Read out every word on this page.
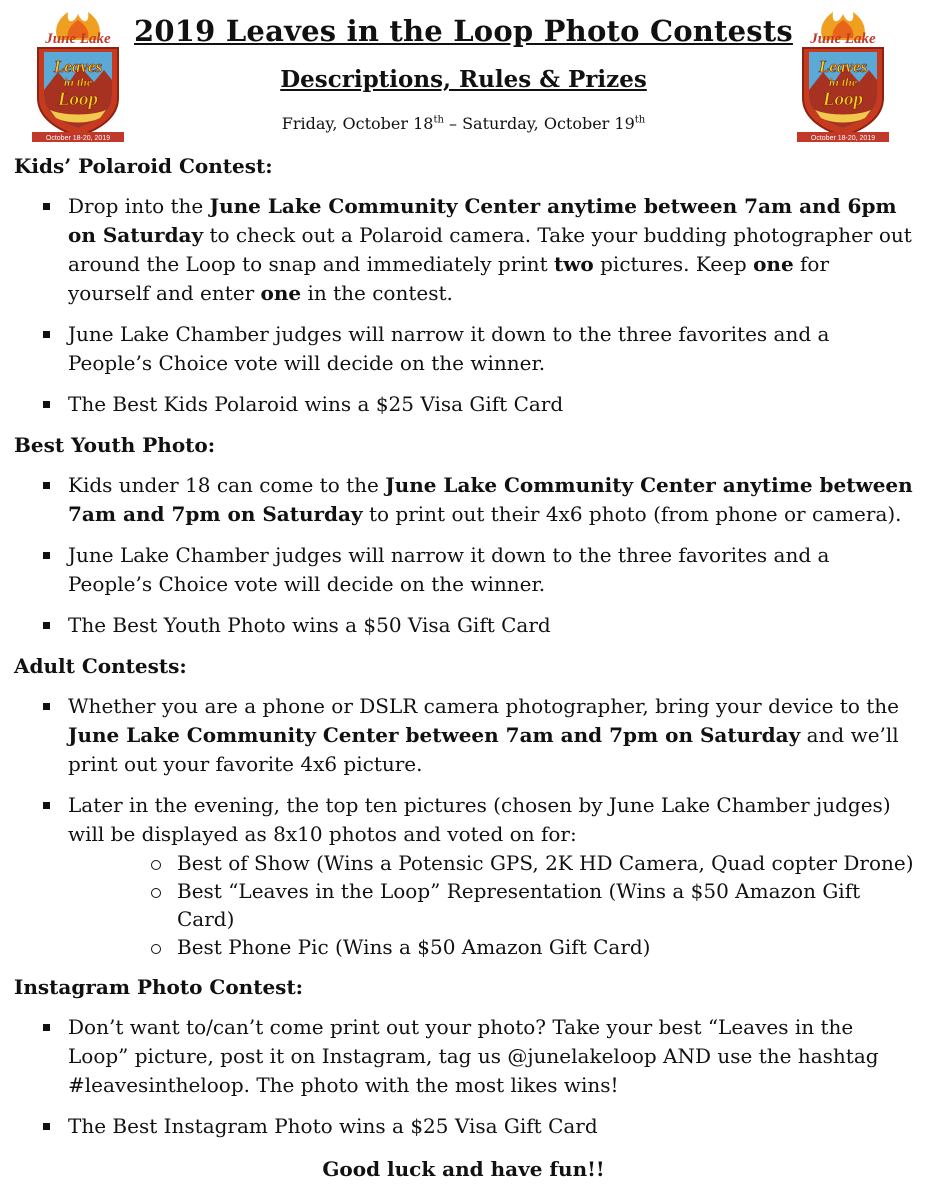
June Lake
Leaves
in the
Loop
October 18-20, 2019
June Lake
Leaves
in the
Loop
October 18-20, 2019
2019 Leaves in the Loop Photo Contests
Descriptions, Rules & Prizes
Friday, October 18th – Saturday, October 19th

Kids’ Polaroid Contest:

Drop into the June Lake Community Center anytime between 7am and 6pm on Saturday to check out a Polaroid camera. Take your budding photographer out around the Loop to snap and immediately print two pictures. Keep one for yourself and enter one in the contest.
June Lake Chamber judges will narrow it down to the three favorites and a People’s Choice vote will decide on the winner.
The Best Kids Polaroid wins a $25 Visa Gift Card

Best Youth Photo:

Kids under 18 can come to the June Lake Community Center anytime between 7am and 7pm on Saturday to print out their 4x6 photo (from phone or camera).
June Lake Chamber judges will narrow it down to the three favorites and a People’s Choice vote will decide on the winner.
The Best Youth Photo wins a $50 Visa Gift Card

Adult Contests:

Whether you are a phone or DSLR camera photographer, bring your device to the June Lake Community Center between 7am and 7pm on Saturday and we’ll print out your favorite 4x6 picture.
Later in the evening, the top ten pictures (chosen by June Lake Chamber judges) will be displayed as 8x10 photos and voted on for:
Best of Show (Wins a Potensic GPS, 2K HD Camera, Quad copter Drone)
Best “Leaves in the Loop” Representation (Wins a $50 Amazon Gift Card)
Best Phone Pic (Wins a $50 Amazon Gift Card)

Instagram Photo Contest:

Don’t want to/can’t come print out your photo? Take your best “Leaves in the Loop” picture, post it on Instagram, tag us @junelakeloop AND use the hashtag #leavesintheloop. The photo with the most likes wins!
The Best Instagram Photo wins a $25 Visa Gift Card
Good luck and have fun!!
